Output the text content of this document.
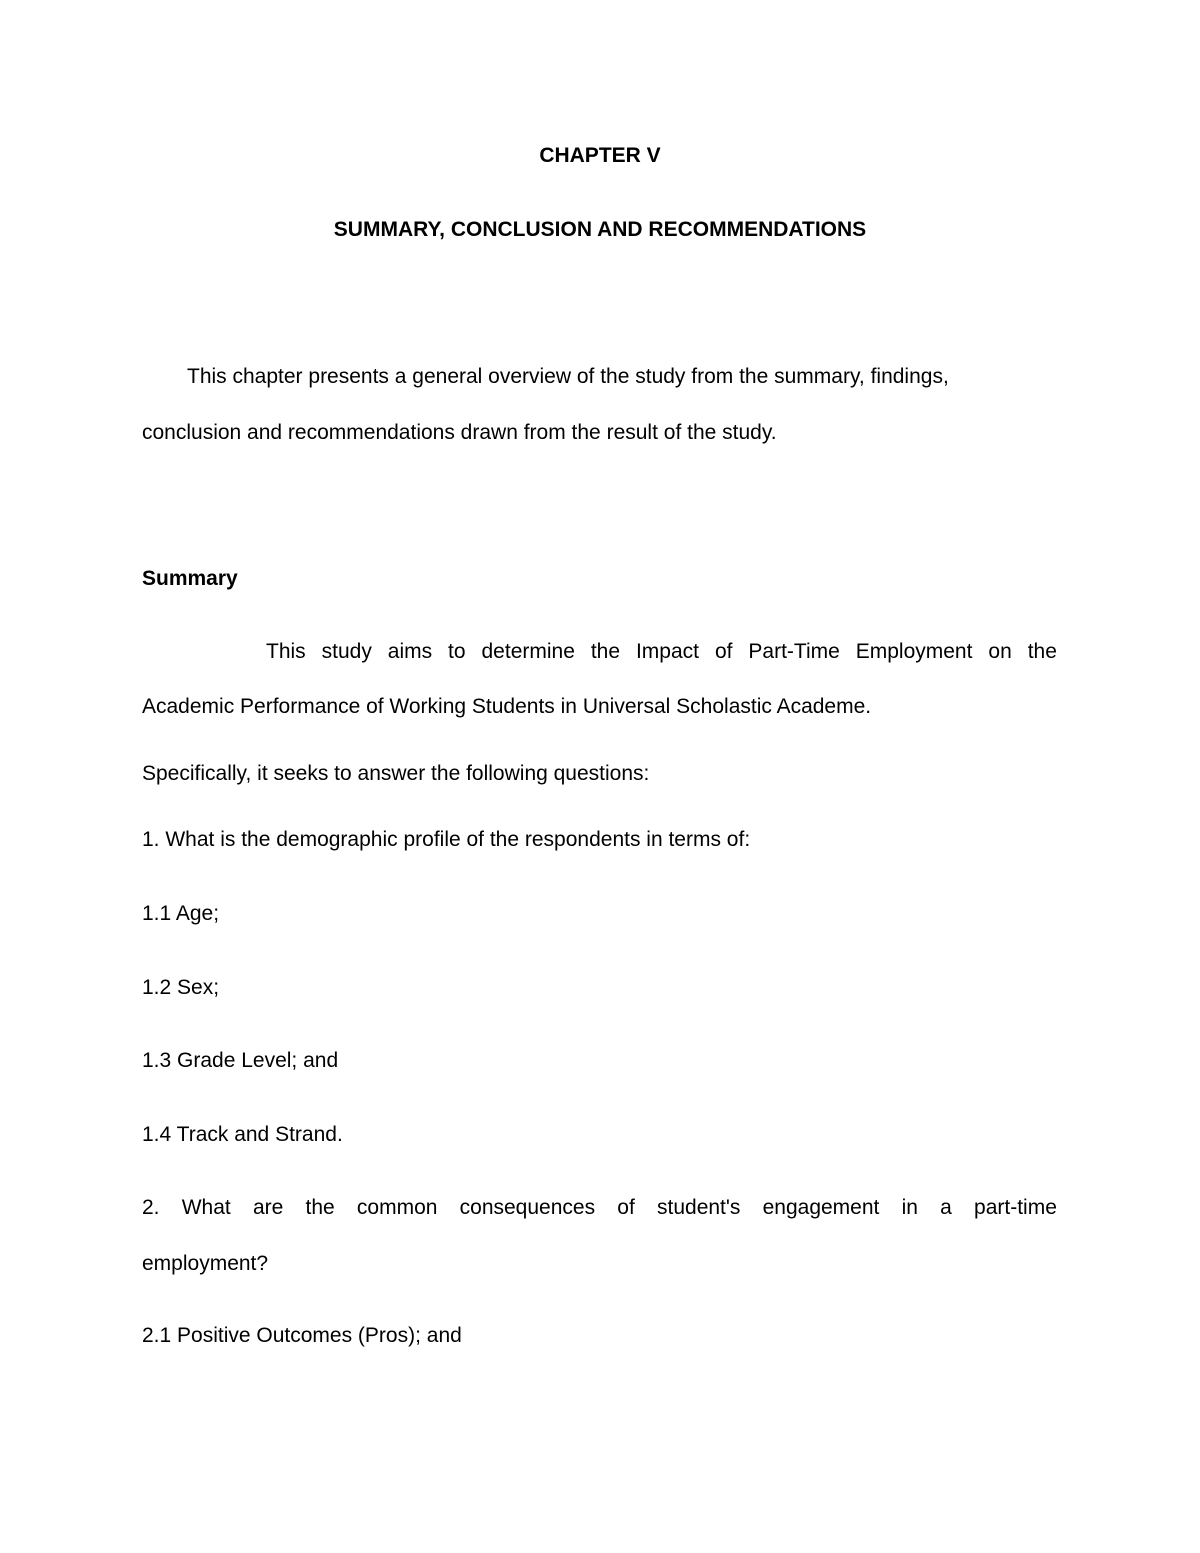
CHAPTER V
SUMMARY, CONCLUSION AND RECOMMENDATIONS
This chapter presents a general overview of the study from the summary, findings,
conclusion and recommendations drawn from the result of the study.
Summary
This study aims to determine the Impact of Part-Time Employment on the
Academic Performance of Working Students in Universal Scholastic Academe.
Specifically, it seeks to answer the following questions:
1. What is the demographic profile of the respondents in terms of:
1.1 Age;
1.2 Sex;
1.3 Grade Level; and
1.4 Track and Strand.
2. What are the common consequences of student's engagement in a part-time
employment?
2.1 Positive Outcomes (Pros); and
